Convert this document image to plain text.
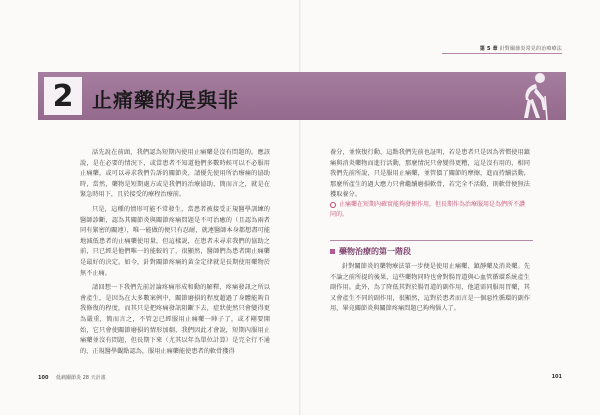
第 5 章 針對關節炎常見的治療療法
2 止痛藥的是與非

話先說在前頭，我們認為短期內使用止痛藥是沒有問題的。應該說，是在必要的情況下，或當患者不知道他們多數時候可以不必服用止痛藥，或可以尋求我們告訴的關節炎，請優先使用所治療痛的協助時，當然，藥物是短期處方或是我們的治療協助，簡而言之，就是在緊急時用下，且於接受的療程治療前。

只是，這種的情形可能不常發生，當患者被接受正規醫學訓練的醫師診斷，認為其關節炎與關節疼痛問題是不可治癒的（且認為兩者同有緊密的關連），唯一能做的便只有忍耐，就連醫師本身都想盡可能地減低患者的止痛藥使用量，但這樣説，在患者未尋求我們的協助之前，只已經是他們唯一的能較的了，很顯然，醫師們為患者開止痛藥是最好的決定。如今，針對關節疼痛的黃金定律就是長期使用藥物於無不止痛。

請回想一下我們先前討論疼痛形成和動的解釋，疼痛發訊之所以會產生，是因為在大多數案例中，關節磨損的程度超過了身體能夠自我修復的程度，而其只是把疼痛發訊阻斷下去，症狀使然只會變得更為嚴重，簡而言之，不管怎已經服用止痛藥一陣子了，或才剛要開始，它只會使關節磨損的情形加劇，我們因此才會說，短期內服用止痛藥並沒有問題，但長期下來（尤其以年為單位計算）是完全行不通的，正規醫學觀點認為，服用止痛藥能使患者的軟骨獲得

養分，並恢復行動，這點我們先前也証明，若是患者只是因為習慣使用鎮痛與消炎藥物而進行活動，那麼情況只會變得更糟，這是沒有用的，相同我們先前所說，只是服用止痛藥，並管價了關節的摩擦，進而持續活動，那麼所產生的過大應力只會繼續磨損軟骨，若完全不活動，則軟骨便無法獲取養分。

止痛藥在短期內確實能夠發揮作用，但長期作為治療服用是為們所不讚同的。
藥物治療的第一階段

針對關節炎的藥物療法第一步便是使用止痛藥、鎮靜藥及消炎藥。先不論之前所提的後果，這些藥物同時也會對腸胃道與心血管循環系統產生副作用。此外，為了降低其對於腸胃道的副作用，他還需同服用胃藥，其又會產生不同的副作用，很顯然，這對於患者而言是一個惡性循環的副作用，畢竟關節炎與關節疼痛問題已夠殉惱人了。

100 低痛關節炎 28 天計畫	101
